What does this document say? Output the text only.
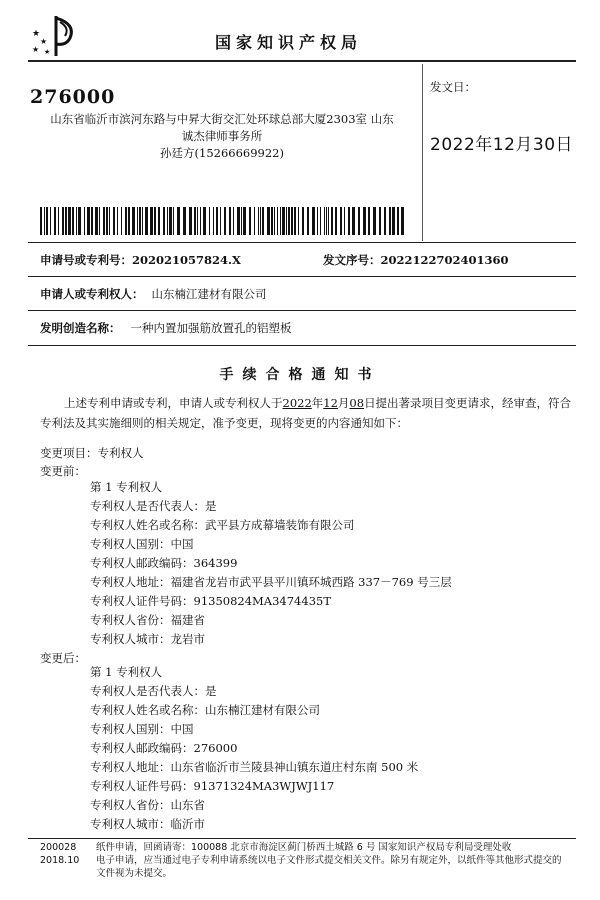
★
★
★ ★	国家知识产权局
276000
山东省临沂市滨河东路与中昇大街交汇处环球总部大厦2303室 山东
诚杰律师事务所
孙廷方(15266669922)
发文日：
2022年12月30日
申请号或专利号：202021057824.X	发文序号：2022122702401360
申请人或专利权人： 山东楠江建材有限公司
发明创造名称： 一种内置加强筋放置孔的铝塑板
手续合格通知书
上述专利申请或专利，申请人或专利权人于2022年12月08日提出著录项目变更请求，经审查，符合专利法及其实施细则的相关规定，准予变更，现将变更的内容通知如下：
变更项目：专利权人
变更前：
第 1 专利权人
专利权人是否代表人：是
专利权人姓名或名称：武平县方成幕墙装饰有限公司
专利权人国别：中国
专利权人邮政编码：364399
专利权人地址：福建省龙岩市武平县平川镇环城西路 337－769 号三层
专利权人证件号码：91350824MA3474435T
专利权人省份：福建省
专利权人城市：龙岩市
变更后：
第 1 专利权人
专利权人是否代表人：是
专利权人姓名或名称：山东楠江建材有限公司
专利权人国别：中国
专利权人邮政编码：276000
专利权人地址：山东省临沂市兰陵县神山镇东道庄村东南 500 米
专利权人证件号码：91371324MA3WJWJ117
专利权人省份：山东省
专利权人城市：临沂市
200028
2018.10
纸件申请，回函请寄：100088 北京市海淀区蓟门桥西土城路 6 号 国家知识产权局专利局受理处收
电子申请，应当通过电子专利申请系统以电子文件形式提交相关文件。除另有规定外，以纸件等其他形式提交的
文件视为未提交。
